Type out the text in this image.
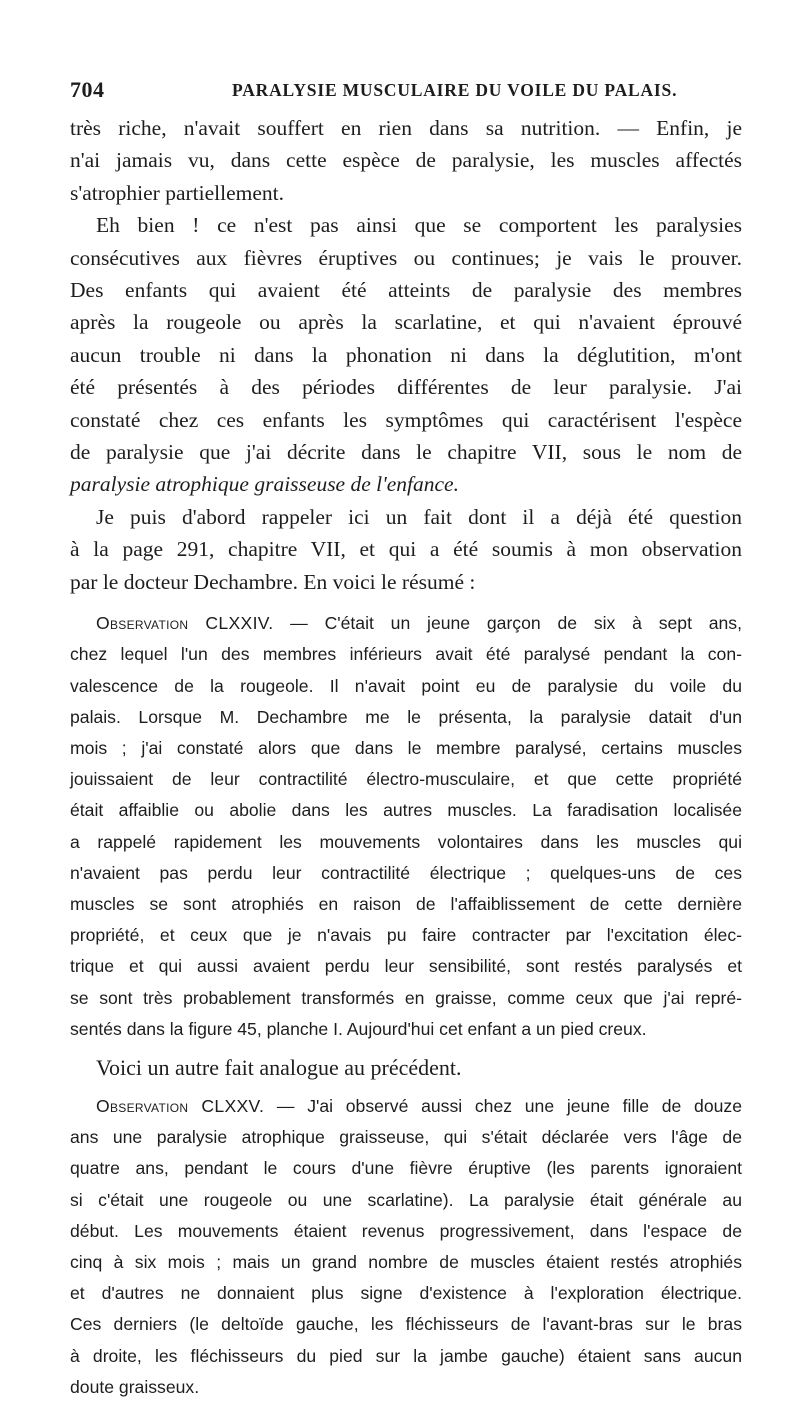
704	PARALYSIE MUSCULAIRE DU VOILE DU PALAIS.

très riche, n'avait souffert en rien dans sa nutrition. — Enfin, je

n'ai jamais vu, dans cette espèce de paralysie, les muscles affectés

s'atrophier partiellement.

Eh bien ! ce n'est pas ainsi que se comportent les paralysies

consécutives aux fièvres éruptives ou continues; je vais le prouver.

Des enfants qui avaient été atteints de paralysie des membres

après la rougeole ou après la scarlatine, et qui n'avaient éprouvé

aucun trouble ni dans la phonation ni dans la déglutition, m'ont

été présentés à des périodes différentes de leur paralysie. J'ai

constaté chez ces enfants les symptômes qui caractérisent l'espèce

de paralysie que j'ai décrite dans le chapitre VII, sous le nom de

paralysie atrophique graisseuse de l'enfance.

Je puis d'abord rappeler ici un fait dont il a déjà été question

à la page 291, chapitre VII, et qui a été soumis à mon observation

par le docteur Dechambre. En voici le résumé :

Observation CLXXIV. — C'était un jeune garçon de six à sept ans,

chez lequel l'un des membres inférieurs avait été paralysé pendant la con-

valescence de la rougeole. Il n'avait point eu de paralysie du voile du

palais. Lorsque M. Dechambre me le présenta, la paralysie datait d'un

mois ; j'ai constaté alors que dans le membre paralysé, certains muscles

jouissaient de leur contractilité électro-musculaire, et que cette propriété

était affaiblie ou abolie dans les autres muscles. La faradisation localisée

a rappelé rapidement les mouvements volontaires dans les muscles qui

n'avaient pas perdu leur contractilité électrique ; quelques-uns de ces

muscles se sont atrophiés en raison de l'affaiblissement de cette dernière

propriété, et ceux que je n'avais pu faire contracter par l'excitation élec-

trique et qui aussi avaient perdu leur sensibilité, sont restés paralysés et

se sont très probablement transformés en graisse, comme ceux que j'ai repré-

sentés dans la figure 45, planche I. Aujourd'hui cet enfant a un pied creux.

Voici un autre fait analogue au précédent.

Observation CLXXV. — J'ai observé aussi chez une jeune fille de douze

ans une paralysie atrophique graisseuse, qui s'était déclarée vers l'âge de

quatre ans, pendant le cours d'une fièvre éruptive (les parents ignoraient

si c'était une rougeole ou une scarlatine). La paralysie était générale au

début. Les mouvements étaient revenus progressivement, dans l'espace de

cinq à six mois ; mais un grand nombre de muscles étaient restés atrophiés

et d'autres ne donnaient plus signe d'existence à l'exploration électrique.

Ces derniers (le deltoïde gauche, les fléchisseurs de l'avant-bras sur le bras

à droite, les fléchisseurs du pied sur la jambe gauche) étaient sans aucun

doute graisseux.
